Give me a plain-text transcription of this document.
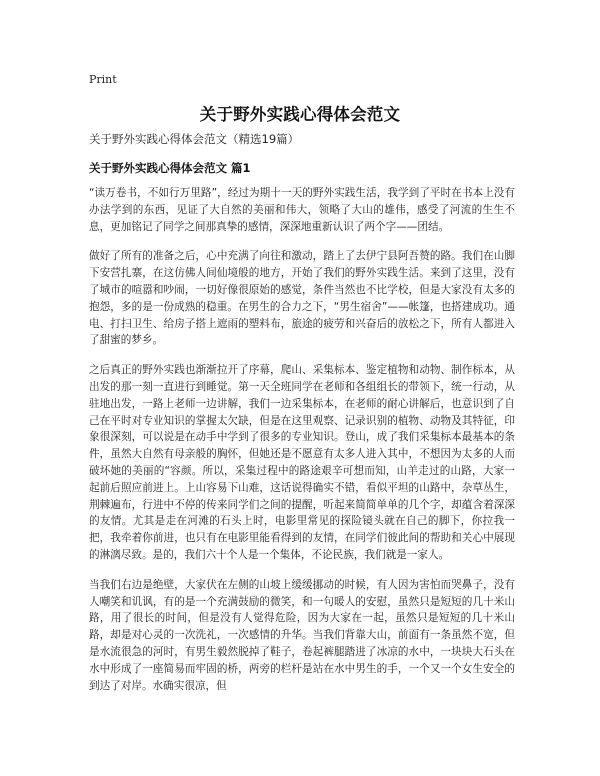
Print
关于野外实践心得体会范文
关于野外实践心得体会范文（精选19篇）
关于野外实践心得体会范文 篇1

“读万卷书，不如行万里路”，经过为期十一天的野外实践生活，我学到了平时在书本上没有办法学到的东西，见证了大自然的美丽和伟大，领略了大山的雄伟，感受了河流的生生不息，更加铭记了同学之间那真挚的感情，深深地重新认识了两个字——团结。

做好了所有的准备之后，心中充满了向往和激动，踏上了去伊宁县阿吾赞的路。我们在山脚下安营扎寨，在这仿佛人间仙境般的地方，开始了我们的野外实践生活。来到了这里，没有了城市的喧嚣和吵闹，一切好像很原始的感觉，条件当然也不比学校，但是大家没有太多的抱怨，多的是一份成熟的稳重。在男生的合力之下，“男生宿舍”——帐篷，也搭建成功。通电、打扫卫生、给房子搭上遮雨的塑料布，旅途的疲劳和兴奋后的放松之下，所有人都进入了甜蜜的梦乡。

之后真正的野外实践也渐渐拉开了序幕，爬山、采集标本、鉴定植物和动物、制作标本，从出发的那一刻一直进行到睡觉。第一天全班同学在老师和各组组长的带领下，统一行动，从驻地出发，一路上老师一边讲解，我们一边采集标本，在老师的耐心讲解后，也意识到了自己在平时对专业知识的掌握太欠缺，但是在这里观察、记录识别的植物、动物及其特征，印象很深刻，可以说是在动手中学到了很多的专业知识。登山，成了我们采集标本最基本的条件，虽然大自然有母亲般的胸怀，但她还是不愿意有太多人进入其中，不想因为太多的人而破坏她的美丽的“容颜。所以，采集过程中的路途艰辛可想而知，山羊走过的山路，大家一起前后照应前进上。上山容易下山难，这话说得确实不错，看似平坦的山路中，杂草丛生，荆棘遍布，行进中不停的传来同学们之间的提醒，听起来简简单单的几个字，却蕴含着深深的友情。尤其是走在河滩的石头上时，电影里常见的探险镜头就在自己的脚下，你拉我一把，我牵着你前进，也只有在电影里能看得到的友情，在同学们彼此间的帮助和关心中展现的淋漓尽致。是的，我们六十个人是一个集体，不论民族，我们就是一家人。

当我们右边是绝壁，大家伏在左侧的山坡上缓缓挪动的时候，有人因为害怕而哭鼻子，没有人嘲笑和讥讽，有的是一个充满鼓励的微笑，和一句暖人的安慰，虽然只是短短的几十米山路，用了很长的时间，但是没有人觉得危险，因为大家在一起，虽然只是短短的几十米山路，却是对心灵的一次洗礼，一次感情的升华。当我们背靠大山，前面有一条虽然不宽，但是水流很急的河时，有男生毅然脱掉了鞋子，卷起裤腿踏进了冰凉的水中，一块块大石头在水中形成了一座简易而牢固的桥，两旁的栏杆是站在水中男生的手，一个又一个女生安全的到达了对岸。水确实很凉，但
